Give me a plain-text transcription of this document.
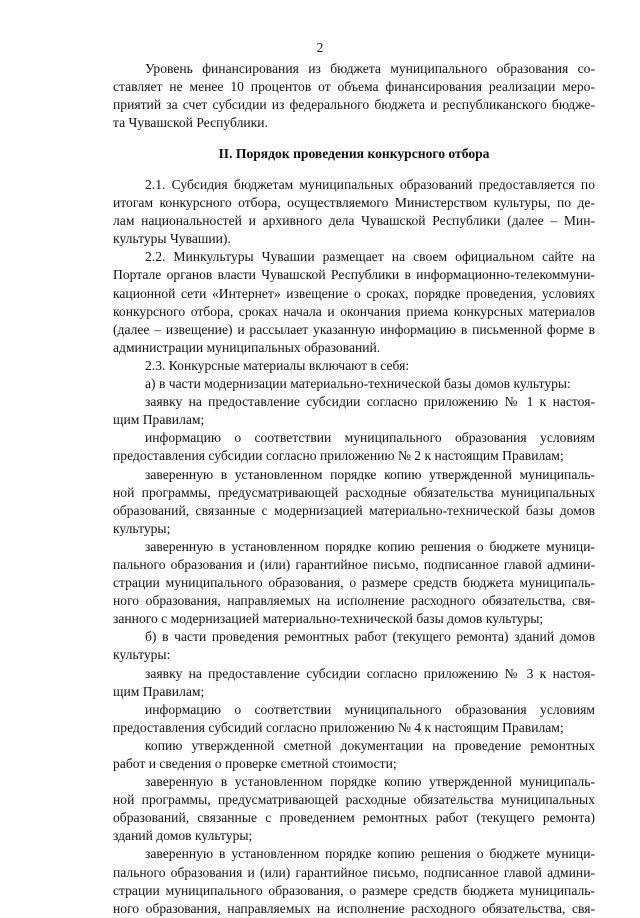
2
Уровень финансирования из бюджета муниципального образования со-
ставляет не менее 10 процентов от объема финансирования реализации меро-
приятий за счет субсидии из федерального бюджета и республиканского бюдже-
та Чувашской Республики.
II. Порядок проведения конкурсного отбора
2.1. Субсидия бюджетам муниципальных образований предоставляется по
итогам конкурсного отбора, осуществляемого Министерством культуры, по де-
лам национальностей и архивного дела Чувашской Республики (далее – Мин-
культуры Чувашии).
2.2. Минкультуры Чувашии размещает на своем официальном сайте на
Портале органов власти Чувашской Республики в информационно-телекоммуни-
кационной сети «Интернет» извещение о сроках, порядке проведения, условиях
конкурсного отбора, сроках начала и окончания приема конкурсных материалов
(далее – извещение) и рассылает указанную информацию в письменной форме в
администрации муниципальных образований.
2.3. Конкурсные материалы включают в себя:
а) в части модернизации материально-технической базы домов культуры:
заявку на предоставление субсидии согласно приложению № 1 к настоя-
щим Правилам;
информацию о соответствии муниципального образования условиям
предоставления субсидии согласно приложению № 2 к настоящим Правилам;
заверенную в установленном порядке копию утвержденной муниципаль-
ной программы, предусматривающей расходные обязательства муниципальных
образований, связанные с модернизацией материально-технической базы домов
культуры;
заверенную в установленном порядке копию решения о бюджете муници-
пального образования и (или) гарантийное письмо, подписанное главой админи-
страции муниципального образования, о размере средств бюджета муниципаль-
ного образования, направляемых на исполнение расходного обязательства, свя-
занного с модернизацией материально-технической базы домов культуры;
б) в части проведения ремонтных работ (текущего ремонта) зданий домов
культуры:
заявку на предоставление субсидии согласно приложению № 3 к настоя-
щим Правилам;
информацию о соответствии муниципального образования условиям
предоставления субсидий согласно приложению № 4 к настоящим Правилам;
копию утвержденной сметной документации на проведение ремонтных
работ и сведения о проверке сметной стоимости;
заверенную в установленном порядке копию утвержденной муниципаль-
ной программы, предусматривающей расходные обязательства муниципальных
образований, связанные с проведением ремонтных работ (текущего ремонта)
зданий домов культуры;
заверенную в установленном порядке копию решения о бюджете муници-
пального образования и (или) гарантийное письмо, подписанное главой админи-
страции муниципального образования, о размере средств бюджета муниципаль-
ного образования, направляемых на исполнение расходного обязательства, свя-
